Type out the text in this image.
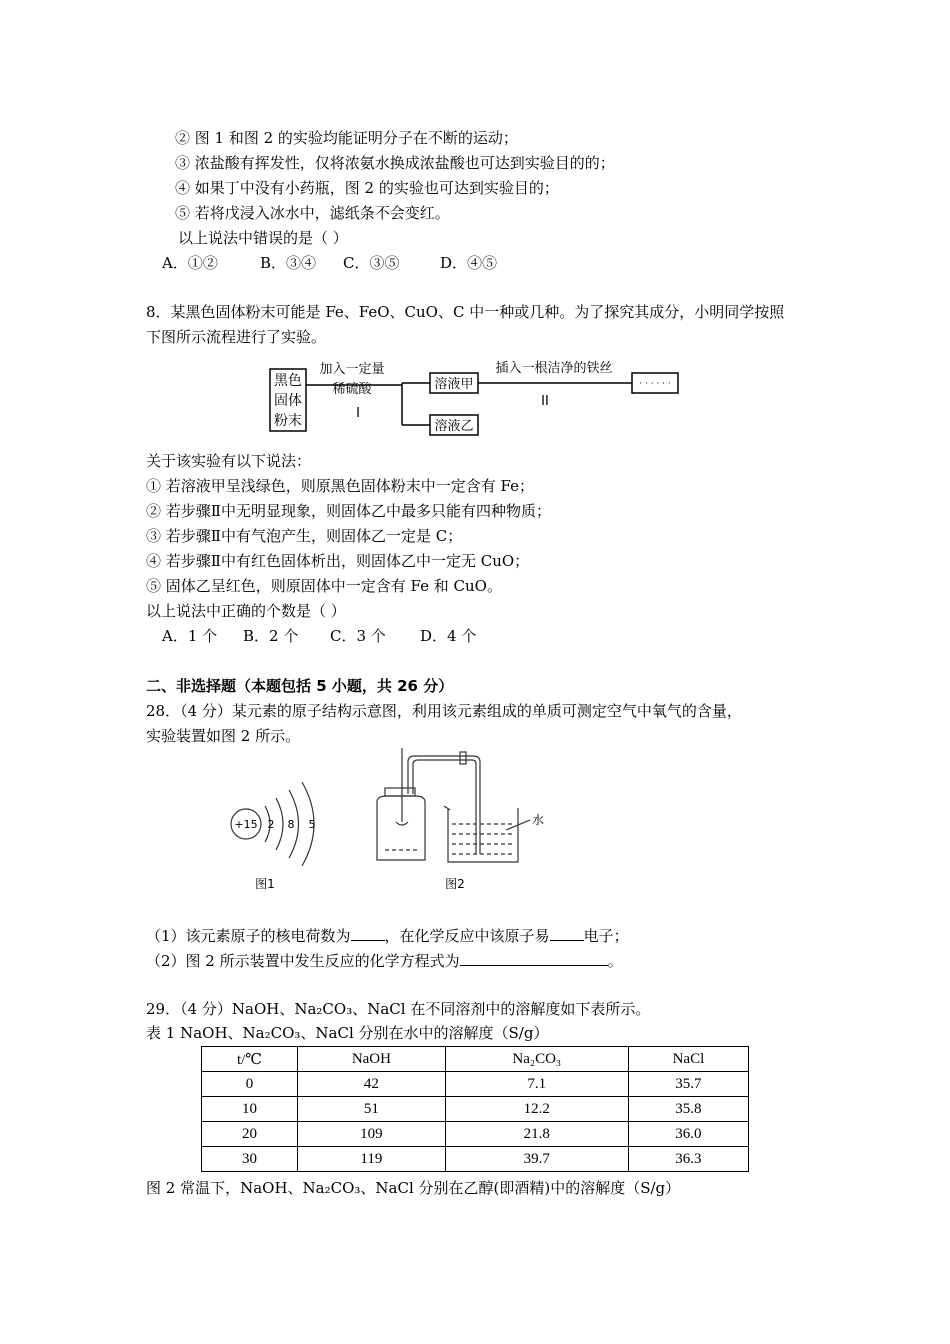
② 图 1 和图 2 的实验均能证明分子在不断的运动；
③ 浓盐酸有挥发性，仅将浓氨水换成浓盐酸也可达到实验目的的；
④ 如果丁中没有小药瓶，图 2 的实验也可达到实验目的；
⑤ 若将戊浸入冰水中，滤纸条不会变红。
以上说法中错误的是（ ）
A．①②	B．③④ C．③⑤	D．④⑤
8．某黑色固体粉末可能是 Fe、FeO、CuO、C 中一种或几种。为了探究其成分，小明同学按照
下图所示流程进行了实验。
黑色
固体
粉末
加入一定量
稀硫酸
I
溶液甲
溶液乙
插入一根洁净的铁丝
II
· · · · · ·
关于该实验有以下说法：
① 若溶液甲呈浅绿色，则原黑色固体粉末中一定含有 Fe；
② 若步骤Ⅱ中无明显现象，则固体乙中最多只能有四种物质；
③ 若步骤Ⅱ中有气泡产生，则固体乙一定是 C；
④ 若步骤Ⅱ中有红色固体析出，则固体乙中一定无 CuO；
⑤ 固体乙呈红色，则原固体中一定含有 Fe 和 CuO。
以上说法中正确的个数是（ ）
A．1 个 B．2 个 C．3 个 D．4 个
二、非选择题（本题包括 5 小题，共 26 分）
28．（4 分）某元素的原子结构示意图，利用该元素组成的单质可测定空气中氧气的含量，
实验装置如图 2 所示。
+15 2 8 5
图1
水
图2
（1）该元素原子的核电荷数为 ，在化学反应中该原子易 电子；
（2）图 2 所示装置中发生反应的化学方程式为	。
29．（4 分）NaOH、Na₂CO₃、NaCl 在不同溶剂中的溶解度如下表所示。
表 1 NaOH、Na₂CO₃、NaCl 分别在水中的溶解度（S/g）
t/℃	NaOH	Na₂CO₃	NaCl
0	42	7.1	35.7
10	51	12.2	35.8
20	109	21.8	36.0
30	119	39.7	36.3
图 2 常温下，NaOH、Na₂CO₃、NaCl 分别在乙醇(即酒精)中的溶解度（S/g）
